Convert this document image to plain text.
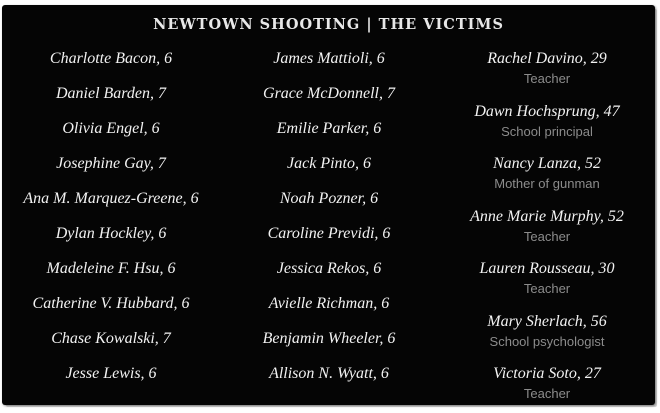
NEWTOWN SHOOTING | THE VICTIMS
Charlotte Bacon, 6
Daniel Barden, 7
Olivia Engel, 6
Josephine Gay, 7
Ana M. Marquez-Greene, 6
Dylan Hockley, 6
Madeleine F. Hsu, 6
Catherine V. Hubbard, 6
Chase Kowalski, 7
Jesse Lewis, 6
James Mattioli, 6
Grace McDonnell, 7
Emilie Parker, 6
Jack Pinto, 6
Noah Pozner, 6
Caroline Previdi, 6
Jessica Rekos, 6
Avielle Richman, 6
Benjamin Wheeler, 6
Allison N. Wyatt, 6
Rachel Davino, 29
Teacher
Dawn Hochsprung, 47
School principal
Nancy Lanza, 52
Mother of gunman
Anne Marie Murphy, 52
Teacher
Lauren Rousseau, 30
Teacher
Mary Sherlach, 56
School psychologist
Victoria Soto, 27
Teacher
